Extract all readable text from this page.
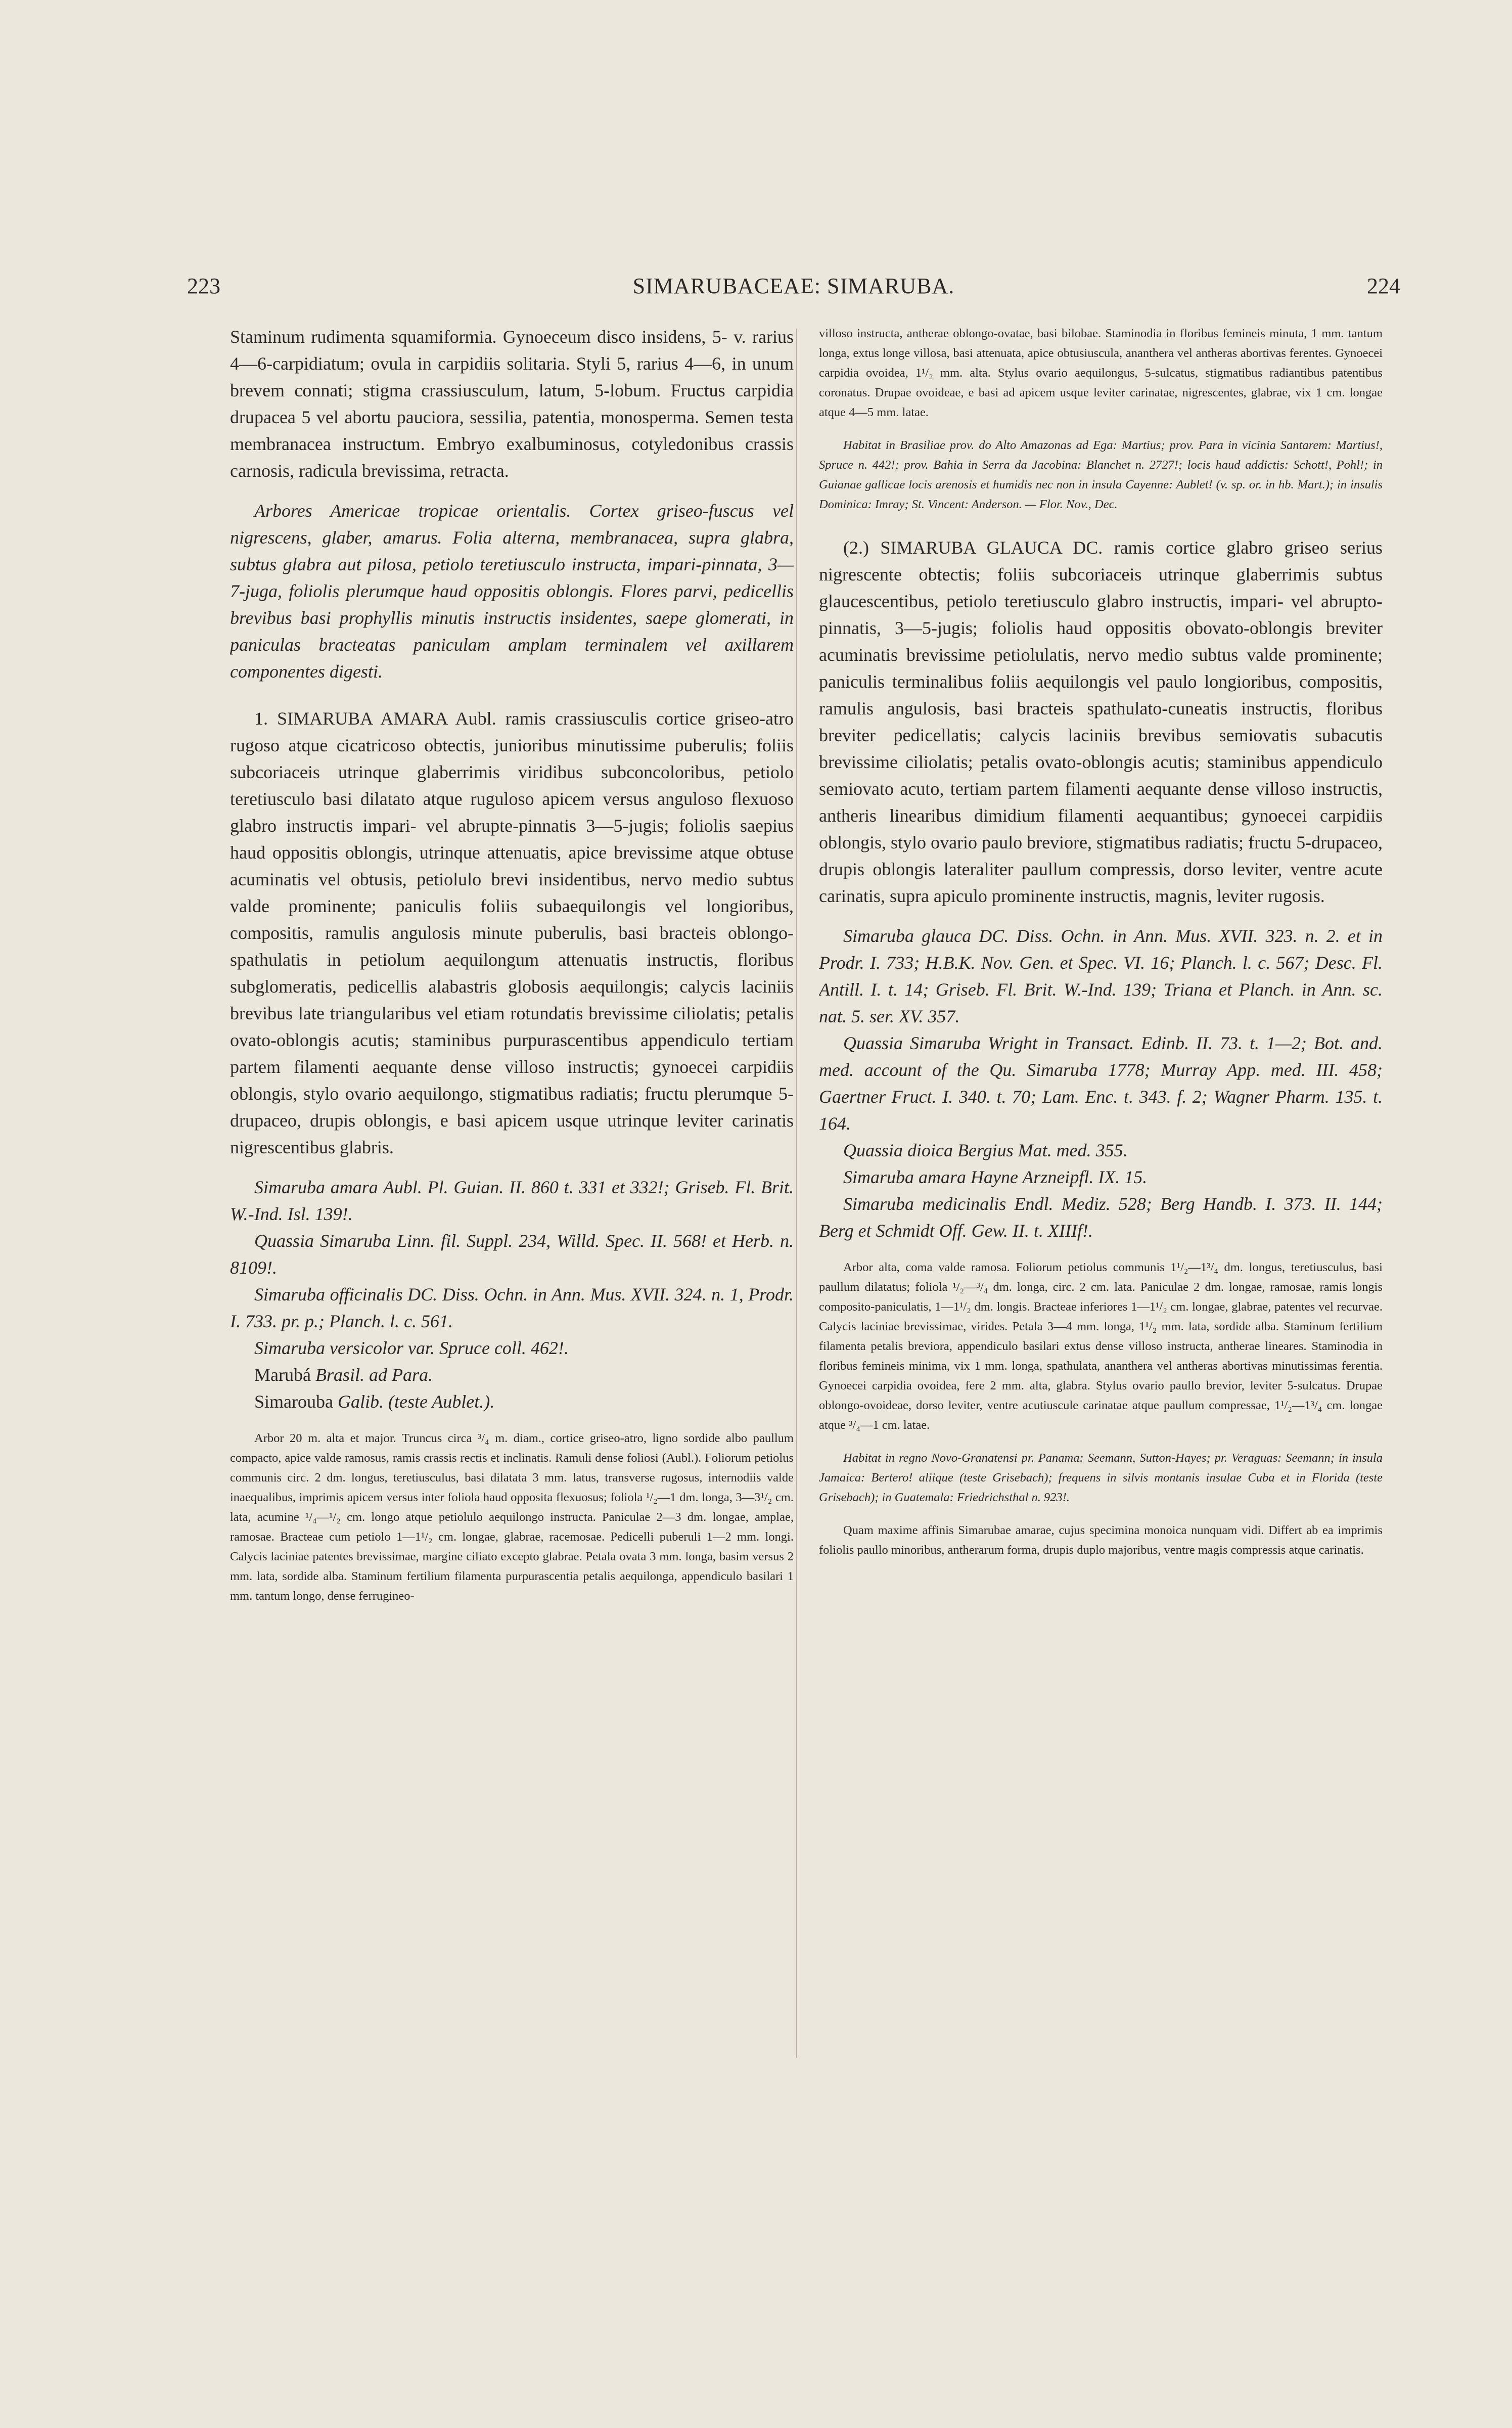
223	SIMARUBACEAE: SIMARUBA.	224

Staminum rudimenta squamiformia. Gynoeceum disco insidens, 5- v. rarius 4—6-carpidiatum; ovula in carpidiis solitaria. Styli 5, rarius 4—6, in unum brevem connati; stigma crassiusculum, latum, 5-lobum. Fructus carpidia drupacea 5 vel abortu pauciora, sessilia, patentia, monosperma. Semen testa membranacea instructum. Embryo exalbuminosus, cotyledonibus crassis carnosis, radicula brevissima, retracta.

Arbores Americae tropicae orientalis. Cortex griseo-fuscus vel nigrescens, glaber, amarus. Folia alterna, membranacea, supra glabra, subtus glabra aut pilosa, petiolo teretiusculo instructa, impari-pinnata, 3—7-juga, foliolis plerumque haud oppositis oblongis. Flores parvi, pedicellis brevibus basi prophyllis minutis instructis insidentes, saepe glomerati, in paniculas bracteatas paniculam amplam terminalem vel axillarem componentes digesti.

1. SIMARUBA AMARA Aubl. ramis crassiusculis cortice griseo-atro rugoso atque cicatricoso obtectis, junioribus minutissime puberulis; foliis subcoriaceis utrinque glaberrimis viridibus subconcoloribus, petiolo teretiusculo basi dilatato atque ruguloso apicem versus anguloso flexuoso glabro instructis impari- vel abrupte-pinnatis 3—5-jugis; foliolis saepius haud oppositis oblongis, utrinque attenuatis, apice brevissime atque obtuse acuminatis vel obtusis, petiolulo brevi insidentibus, nervo medio subtus valde prominente; paniculis foliis subaequilongis vel longioribus, compositis, ramulis angulosis minute puberulis, basi bracteis oblongo-spathulatis in petiolum aequilongum attenuatis instructis, floribus subglomeratis, pedicellis alabastris globosis aequilongis; calycis laciniis brevibus late triangularibus vel etiam rotundatis brevissime ciliolatis; petalis ovato-oblongis acutis; staminibus purpurascentibus appendiculo tertiam partem filamenti aequante dense villoso instructis; gynoecei carpidiis oblongis, stylo ovario aequilongo, stigmatibus radiatis; fructu plerumque 5-drupaceo, drupis oblongis, e basi apicem usque utrinque leviter carinatis nigrescentibus glabris.

Simaruba amara Aubl. Pl. Guian. II. 860 t. 331 et 332!; Griseb. Fl. Brit. W.-Ind. Isl. 139!.

Quassia Simaruba Linn. fil. Suppl. 234, Willd. Spec. II. 568! et Herb. n. 8109!.

Simaruba officinalis DC. Diss. Ochn. in Ann. Mus. XVII. 324. n. 1, Prodr. I. 733. pr. p.; Planch. l. c. 561.

Simaruba versicolor var. Spruce coll. 462!.

Marubá Brasil. ad Para.

Simarouba Galib. (teste Aublet.).

Arbor 20 m. alta et major. Truncus circa ³/₄ m. diam., cortice griseo-atro, ligno sordide albo paullum compacto, apice valde ramosus, ramis crassis rectis et inclinatis. Ramuli dense foliosi (Aubl.). Foliorum petiolus communis circ. 2 dm. longus, teretiusculus, basi dilatata 3 mm. latus, transverse rugosus, internodiis valde inaequalibus, imprimis apicem versus inter foliola haud opposita flexuosus; foliola ¹/₂—1 dm. longa, 3—3¹/₂ cm. lata, acumine ¹/₄—¹/₂ cm. longo atque petiolulo aequilongo instructa. Paniculae 2—3 dm. longae, amplae, ramosae. Bracteae cum petiolo 1—1¹/₂ cm. longae, glabrae, racemosae. Pedicelli puberuli 1—2 mm. longi. Calycis laciniae patentes brevissimae, margine ciliato excepto glabrae. Petala ovata 3 mm. longa, basim versus 2 mm. lata, sordide alba. Staminum fertilium filamenta purpurascentia petalis aequilonga, appendiculo basilari 1 mm. tantum longo, dense ferrugineo-

villoso instructa, antherae oblongo-ovatae, basi bilobae. Staminodia in floribus femineis minuta, 1 mm. tantum longa, extus longe villosa, basi attenuata, apice obtusiuscula, ananthera vel antheras abortivas ferentes. Gynoecei carpidia ovoidea, 1¹/₂ mm. alta. Stylus ovario aequilongus, 5-sulcatus, stigmatibus radiantibus patentibus coronatus. Drupae ovoideae, e basi ad apicem usque leviter carinatae, nigrescentes, glabrae, vix 1 cm. longae atque 4—5 mm. latae.

Habitat in Brasiliae prov. do Alto Amazonas ad Ega: Martius; prov. Para in vicinia Santarem: Martius!, Spruce n. 442!; prov. Bahia in Serra da Jacobina: Blanchet n. 2727!; locis haud addictis: Schott!, Pohl!; in Guianae gallicae locis arenosis et humidis nec non in insula Cayenne: Aublet! (v. sp. or. in hb. Mart.); in insulis Dominica: Imray; St. Vincent: Anderson. — Flor. Nov., Dec.

(2.) SIMARUBA GLAUCA DC. ramis cortice glabro griseo serius nigrescente obtectis; foliis subcoriaceis utrinque glaberrimis subtus glaucescentibus, petiolo teretiusculo glabro instructis, impari- vel abrupto-pinnatis, 3—5-jugis; foliolis haud oppositis obovato-oblongis breviter acuminatis brevissime petiolulatis, nervo medio subtus valde prominente; paniculis terminalibus foliis aequilongis vel paulo longioribus, compositis, ramulis angulosis, basi bracteis spathulato-cuneatis instructis, floribus breviter pedicellatis; calycis laciniis brevibus semiovatis subacutis brevissime ciliolatis; petalis ovato-oblongis acutis; staminibus appendiculo semiovato acuto, tertiam partem filamenti aequante dense villoso instructis, antheris linearibus dimidium filamenti aequantibus; gynoecei carpidiis oblongis, stylo ovario paulo breviore, stigmatibus radiatis; fructu 5-drupaceo, drupis oblongis lateraliter paullum compressis, dorso leviter, ventre acute carinatis, supra apiculo prominente instructis, magnis, leviter rugosis.

Simaruba glauca DC. Diss. Ochn. in Ann. Mus. XVII. 323. n. 2. et in Prodr. I. 733; H.B.K. Nov. Gen. et Spec. VI. 16; Planch. l. c. 567; Desc. Fl. Antill. I. t. 14; Griseb. Fl. Brit. W.-Ind. 139; Triana et Planch. in Ann. sc. nat. 5. ser. XV. 357.

Quassia Simaruba Wright in Transact. Edinb. II. 73. t. 1—2; Bot. and. med. account of the Qu. Simaruba 1778; Murray App. med. III. 458; Gaertner Fruct. I. 340. t. 70; Lam. Enc. t. 343. f. 2; Wagner Pharm. 135. t. 164.

Quassia dioica Bergius Mat. med. 355.

Simaruba amara Hayne Arzneipfl. IX. 15.

Simaruba medicinalis Endl. Mediz. 528; Berg Handb. I. 373. II. 144; Berg et Schmidt Off. Gew. II. t. XIIIf!.

Arbor alta, coma valde ramosa. Foliorum petiolus communis 1¹/₂—1³/₄ dm. longus, teretiusculus, basi paullum dilatatus; foliola ¹/₂—³/₄ dm. longa, circ. 2 cm. lata. Paniculae 2 dm. longae, ramosae, ramis longis composito-paniculatis, 1—1¹/₂ dm. longis. Bracteae inferiores 1—1¹/₂ cm. longae, glabrae, patentes vel recurvae. Calycis laciniae brevissimae, virides. Petala 3—4 mm. longa, 1¹/₂ mm. lata, sordide alba. Staminum fertilium filamenta petalis breviora, appendiculo basilari extus dense villoso instructa, antherae lineares. Staminodia in floribus femineis minima, vix 1 mm. longa, spathulata, ananthera vel antheras abortivas minutissimas ferentia. Gynoecei carpidia ovoidea, fere 2 mm. alta, glabra. Stylus ovario paullo brevior, leviter 5-sulcatus. Drupae oblongo-ovoideae, dorso leviter, ventre acutiuscule carinatae atque paullum compressae, 1¹/₂—1³/₄ cm. longae atque ³/₄—1 cm. latae.

Habitat in regno Novo-Granatensi pr. Panama: Seemann, Sutton-Hayes; pr. Veraguas: Seemann; in insula Jamaica: Bertero! aliique (teste Grisebach); frequens in silvis montanis insulae Cuba et in Florida (teste Grisebach); in Guatemala: Friedrichsthal n. 923!.

Quam maxime affinis Simarubae amarae, cujus specimina monoica nunquam vidi. Differt ab ea imprimis foliolis paullo minoribus, antherarum forma, drupis duplo majoribus, ventre magis compressis atque carinatis.
